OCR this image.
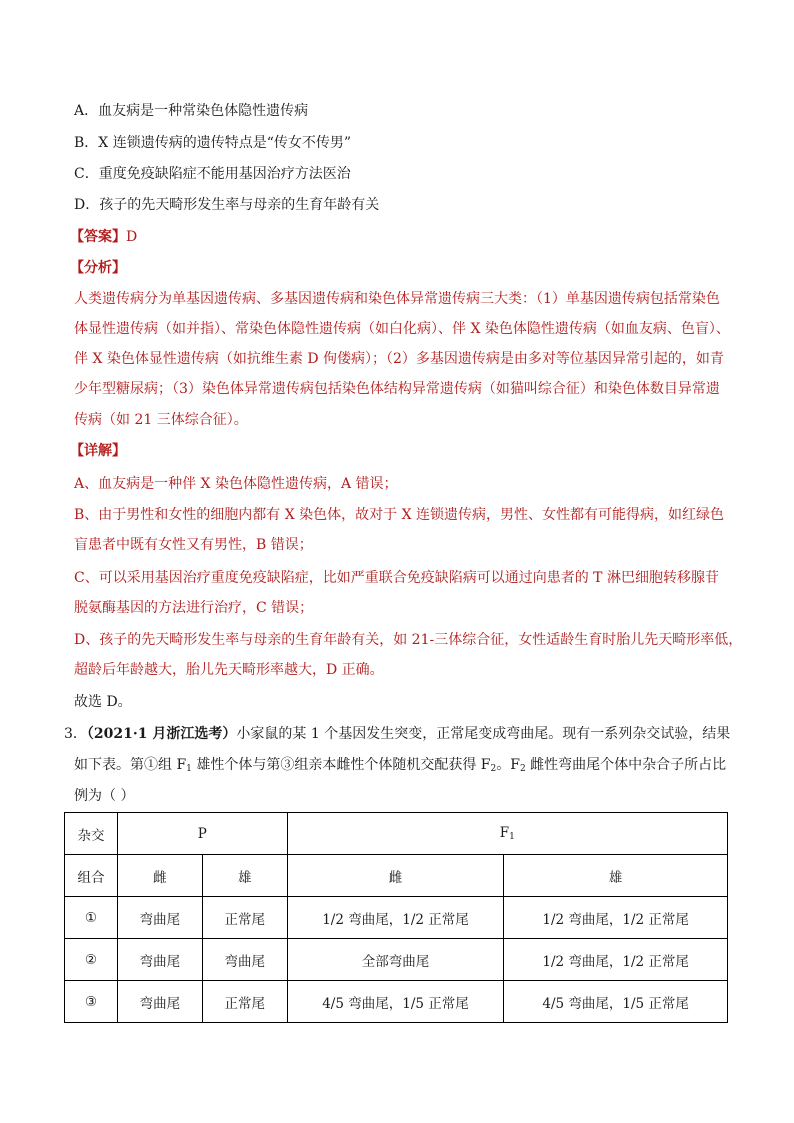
A．血友病是一种常染色体隐性遗传病
B．X 连锁遗传病的遗传特点是“传女不传男”
C．重度免疫缺陷症不能用基因治疗方法医治
D．孩子的先天畸形发生率与母亲的生育年龄有关
【答案】D
【分析】
人类遗传病分为单基因遗传病、多基因遗传病和染色体异常遗传病三大类：（1）单基因遗传病包括常染色
体显性遗传病（如并指）、常染色体隐性遗传病（如白化病）、伴 X 染色体隐性遗传病（如血友病、色盲）、
伴 X 染色体显性遗传病（如抗维生素 D 佝偻病）；（2）多基因遗传病是由多对等位基因异常引起的，如青
少年型糖尿病；（3）染色体异常遗传病包括染色体结构异常遗传病（如猫叫综合征）和染色体数目异常遗
传病（如 21 三体综合征）。
【详解】
A、血友病是一种伴 X 染色体隐性遗传病，A 错误；
B、由于男性和女性的细胞内都有 X 染色体，故对于 X 连锁遗传病，男性、女性都有可能得病，如红绿色
盲患者中既有女性又有男性，B 错误；
C、可以采用基因治疗重度免疫缺陷症，比如严重联合免疫缺陷病可以通过向患者的 T 淋巴细胞转移腺苷
脱氨酶基因的方法进行治疗，C 错误；
D、孩子的先天畸形发生率与母亲的生育年龄有关，如 21-三体综合征，女性适龄生育时胎儿先天畸形率低，
超龄后年龄越大，胎儿先天畸形率越大，D 正确。
故选 D。
3．（2021·1 月浙江选考）小家鼠的某 1 个基因发生突变，正常尾变成弯曲尾。现有一系列杂交试验，结果
如下表。第①组 $F_1$ 雄性个体与第③组亲本雌性个体随机交配获得 $F_2$。$F_2$ 雌性弯曲尾个体中杂合子所占比
例为（ ）
杂交	P		$F_1$
组合	雌	雄	雌	雄
①	弯曲尾	正常尾	1/2 弯曲尾，1/2 正常尾	1/2 弯曲尾，1/2 正常尾
②	弯曲尾	弯曲尾	全部弯曲尾	1/2 弯曲尾，1/2 正常尾
③	弯曲尾	正常尾	4/5 弯曲尾，1/5 正常尾	4/5 弯曲尾，1/5 正常尾
